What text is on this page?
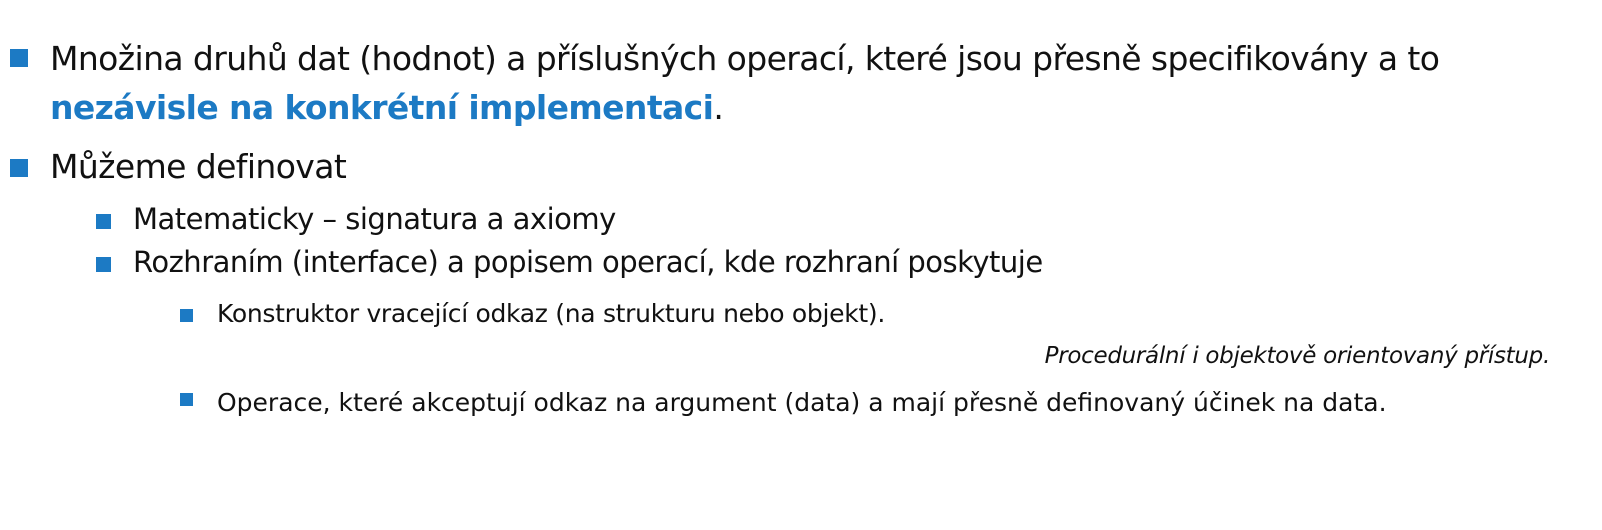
Množina druhů dat (hodnot) a příslušných operací, které jsou přesně specifikovány a to
nezávisle na konkrétní implementaci.
Můžeme definovat
Matematicky – signatura a axiomy
Rozhraním (interface) a popisem operací, kde rozhraní poskytuje
Konstruktor vracející odkaz (na strukturu nebo objekt).
Procedurální i objektově orientovaný přístup.
Operace, které akceptují odkaz na argument (data) a mají přesně definovaný účinek na data.
